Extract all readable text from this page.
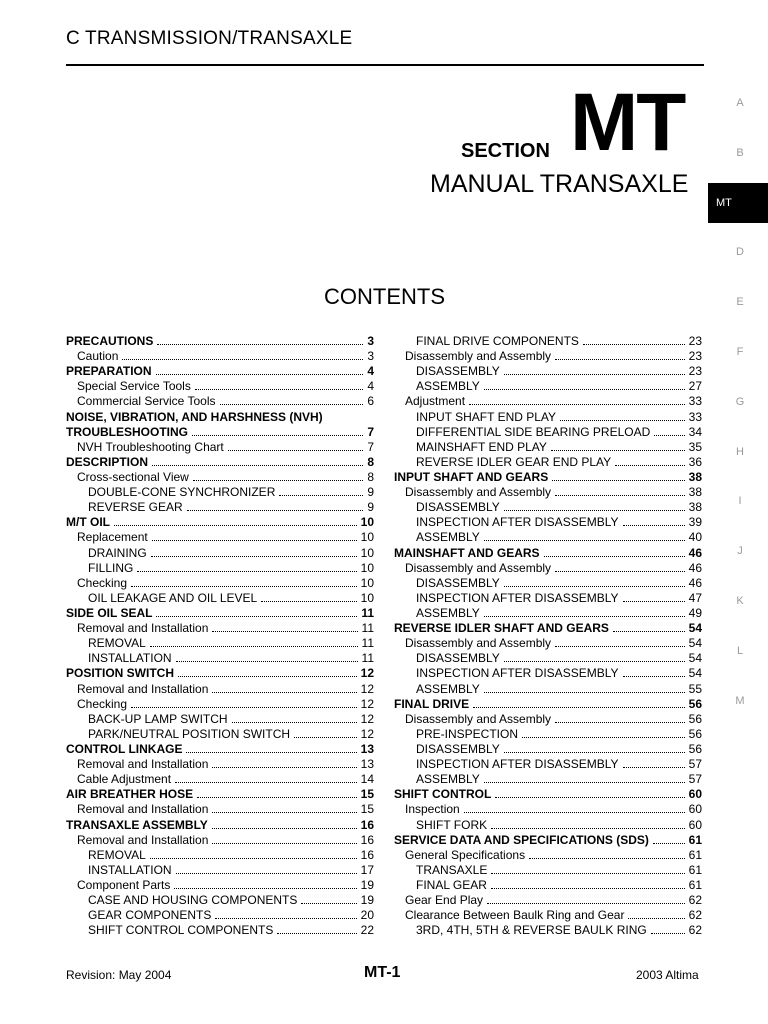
C TRANSMISSION/TRANSAXLE
SECTION MT
MANUAL TRANSAXLE
CONTENTS
A
B
MT
D
E
F
G
H
I
J
K
L
M
PRECAUTIONS	3
Caution	3
PREPARATION	4
Special Service Tools	4
Commercial Service Tools	6
NOISE, VIBRATION, AND HARSHNESS (NVH)
TROUBLESHOOTING	7
NVH Troubleshooting Chart	7
DESCRIPTION	8
Cross-sectional View	8
DOUBLE-CONE SYNCHRONIZER	9
REVERSE GEAR	9
M/T OIL	10
Replacement	10
DRAINING	10
FILLING	10
Checking	10
OIL LEAKAGE AND OIL LEVEL	10
SIDE OIL SEAL	11
Removal and Installation	11
REMOVAL	11
INSTALLATION	11
POSITION SWITCH	12
Removal and Installation	12
Checking	12
BACK-UP LAMP SWITCH	12
PARK/NEUTRAL POSITION SWITCH	12
CONTROL LINKAGE	13
Removal and Installation	13
Cable Adjustment	14
AIR BREATHER HOSE	15
Removal and Installation	15
TRANSAXLE ASSEMBLY	16
Removal and Installation	16
REMOVAL	16
INSTALLATION	17
Component Parts	19
CASE AND HOUSING COMPONENTS	19
GEAR COMPONENTS	20
SHIFT CONTROL COMPONENTS	22
FINAL DRIVE COMPONENTS	23
Disassembly and Assembly	23
DISASSEMBLY	23
ASSEMBLY	27
Adjustment	33
INPUT SHAFT END PLAY	33
DIFFERENTIAL SIDE BEARING PRELOAD	34
MAINSHAFT END PLAY	35
REVERSE IDLER GEAR END PLAY	36
INPUT SHAFT AND GEARS	38
Disassembly and Assembly	38
DISASSEMBLY	38
INSPECTION AFTER DISASSEMBLY	39
ASSEMBLY	40
MAINSHAFT AND GEARS	46
Disassembly and Assembly	46
DISASSEMBLY	46
INSPECTION AFTER DISASSEMBLY	47
ASSEMBLY	49
REVERSE IDLER SHAFT AND GEARS	54
Disassembly and Assembly	54
DISASSEMBLY	54
INSPECTION AFTER DISASSEMBLY	54
ASSEMBLY	55
FINAL DRIVE	56
Disassembly and Assembly	56
PRE-INSPECTION	56
DISASSEMBLY	56
INSPECTION AFTER DISASSEMBLY	57
ASSEMBLY	57
SHIFT CONTROL	60
Inspection	60
SHIFT FORK	60
SERVICE DATA AND SPECIFICATIONS (SDS)	61
General Specifications	61
TRANSAXLE	61
FINAL GEAR	61
Gear End Play	62
Clearance Between Baulk Ring and Gear	62
3RD, 4TH, 5TH & REVERSE BAULK RING	62
Revision: May 2004	MT-1	2003 Altima
